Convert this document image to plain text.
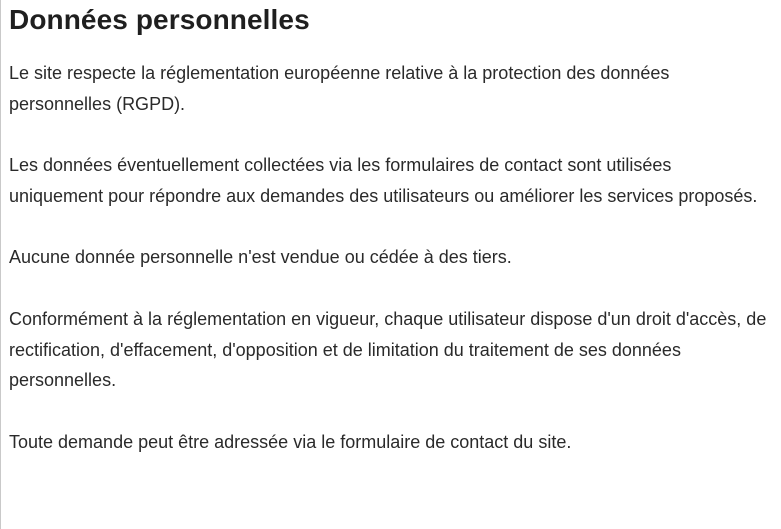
Données personnelles

Le site respecte la réglementation européenne relative à la protection des données personnelles (RGPD).

Les données éventuellement collectées via les formulaires de contact sont utilisées uniquement pour répondre aux demandes des utilisateurs ou améliorer les services proposés.

Aucune donnée personnelle n'est vendue ou cédée à des tiers.

Conformément à la réglementation en vigueur, chaque utilisateur dispose d'un droit d'accès, de rectification, d'effacement, d'opposition et de limitation du traitement de ses données personnelles.

Toute demande peut être adressée via le formulaire de contact du site.
